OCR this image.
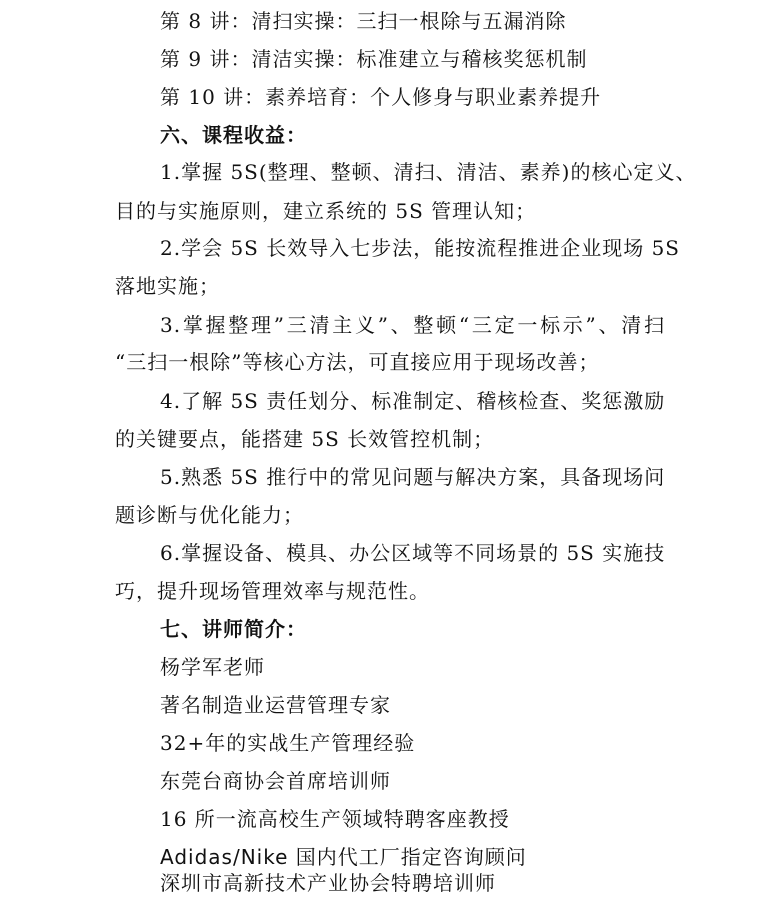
第 8 讲：清扫实操：三扫一根除与五漏消除
第 9 讲：清洁实操：标准建立与稽核奖惩机制
第 10 讲：素养培育：个人修身与职业素养提升
六、课程收益：
1.掌握 5S(整理、整顿、清扫、清洁、素养)的核心定义、
目的与实施原则，建立系统的 5S 管理认知；
2.学会 5S 长效导入七步法，能按流程推进企业现场 5S
落地实施；
3.掌握整理”三清主义”、整顿“三定一标示”、清扫
“三扫一根除”等核心方法，可直接应用于现场改善；
4.了解 5S 责任划分、标准制定、稽核检查、奖惩激励
的关键要点，能搭建 5S 长效管控机制；
5.熟悉 5S 推行中的常见问题与解决方案，具备现场问
题诊断与优化能力；
6.掌握设备、模具、办公区域等不同场景的 5S 实施技
巧，提升现场管理效率与规范性。
七、讲师简介：
杨学军老师
著名制造业运营管理专家
32+年的实战生产管理经验
东莞台商协会首席培训师
16 所一流高校生产领域特聘客座教授
Adidas/Nike 国内代工厂指定咨询顾问
深圳市高新技术产业协会特聘培训师
